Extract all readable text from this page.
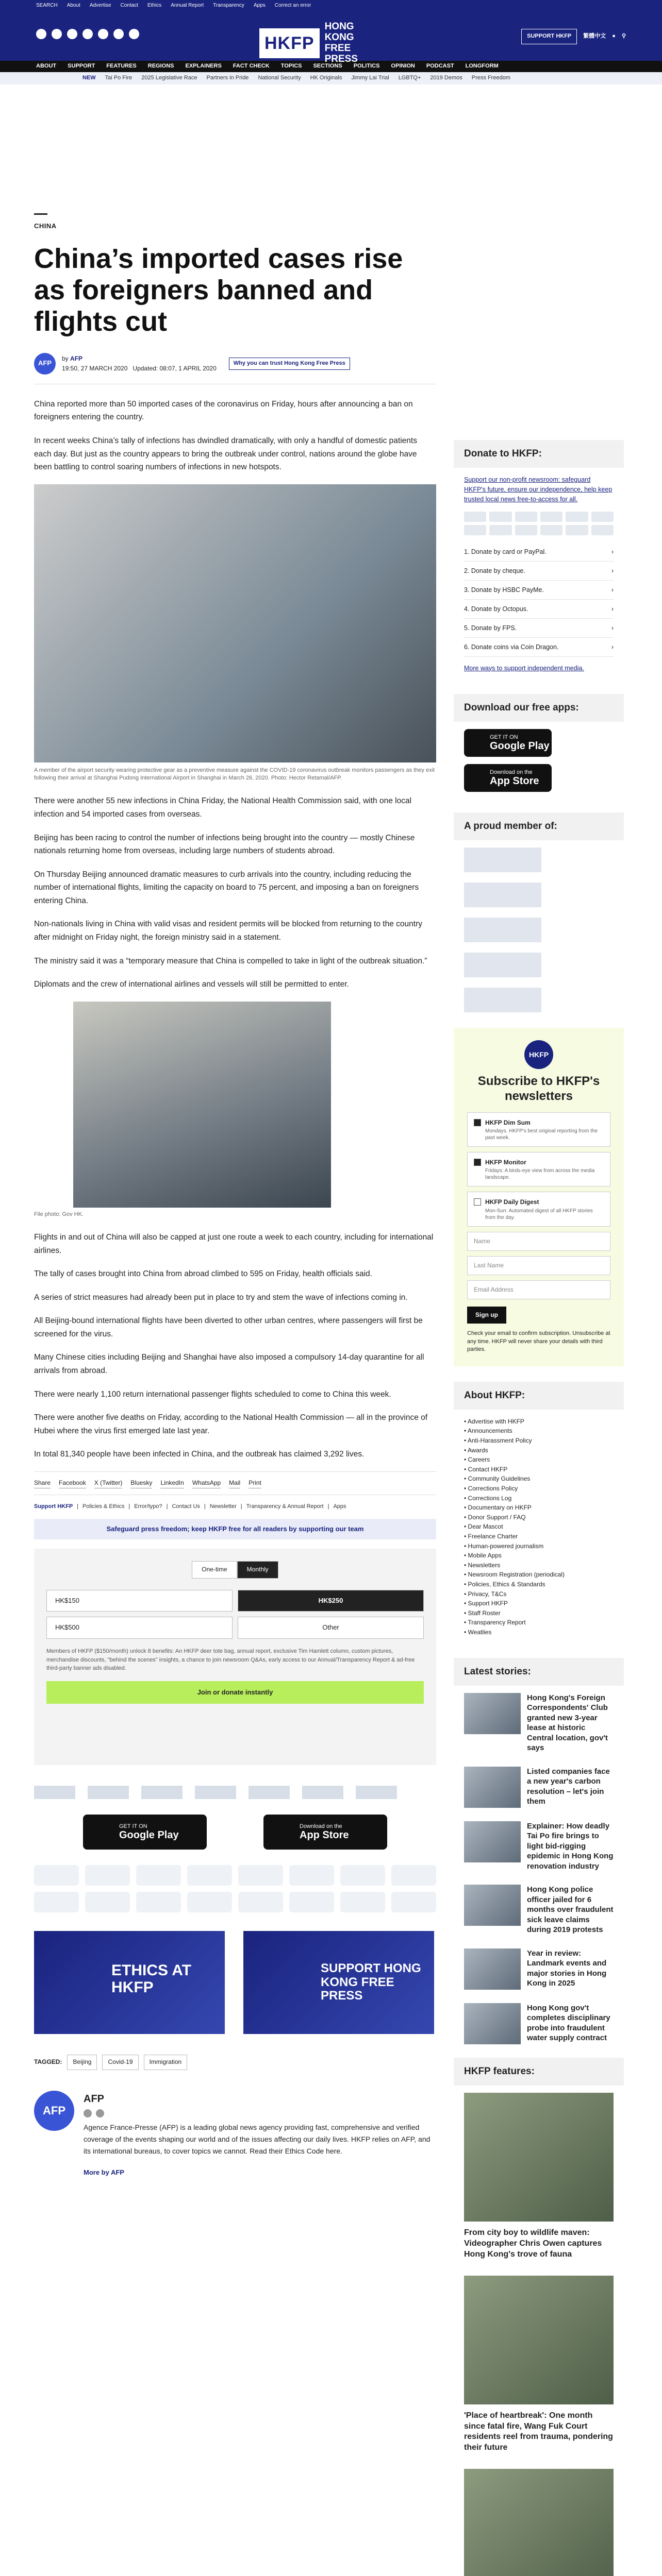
SEARCH About Advertise Contact Ethics Annual Report Transparency Apps Correct an error
HKFP
HONG KONG FREE PRESS
SUPPORT HKFP	繁體中文 ● ⚲
ABOUT SUPPORT FEATURES REGIONS EXPLAINERS FACT CHECK TOPICS SECTIONS POLITICS OPINION PODCAST LONGFORM
NEW Tai Po Fire 2025 Legislative Race Partners in Pride National Security HK Originals Jimmy Lai Trial LGBTQ+ 2019 Demos Press Freedom
CHINA
China’s imported cases rise as foreigners banned and flights cut
AFP
by AFP
19:50, 27 MARCH 2020 Updated: 08:07, 1 APRIL 2020
Why you can trust Hong Kong Free Press

China reported more than 50 imported cases of the coronavirus on Friday, hours after announcing a ban on foreigners entering the country.

In recent weeks China’s tally of infections has dwindled dramatically, with only a handful of domestic patients each day. But just as the country appears to bring the outbreak under control, nations around the globe have been battling to control soaring numbers of infections in new hotspots.

A member of the airport security wearing protective gear as a preventive measure against the COVID-19 coronavirus outbreak monitors passengers as they exit following their arrival at Shanghai Pudong International Airport in Shanghai in March 26, 2020. Photo: Hector Retamal/AFP.

There were another 55 new infections in China Friday, the National Health Commission said, with one local infection and 54 imported cases from overseas.

Beijing has been racing to control the number of infections being brought into the country — mostly Chinese nationals returning home from overseas, including large numbers of students abroad.

On Thursday Beijing announced dramatic measures to curb arrivals into the country, including reducing the number of international flights, limiting the capacity on board to 75 percent, and imposing a ban on foreigners entering China.

Non-nationals living in China with valid visas and resident permits will be blocked from returning to the country after midnight on Friday night, the foreign ministry said in a statement.

The ministry said it was a “temporary measure that China is compelled to take in light of the outbreak situation.”

Diplomats and the crew of international airlines and vessels will still be permitted to enter.

File photo: Gov HK.

Flights in and out of China will also be capped at just one route a week to each country, including for international airlines.

The tally of cases brought into China from abroad climbed to 595 on Friday, health officials said.

A series of strict measures had already been put in place to try and stem the wave of infections coming in.

All Beijing-bound international flights have been diverted to other urban centres, where passengers will first be screened for the virus.

Many Chinese cities including Beijing and Shanghai have also imposed a compulsory 14-day quarantine for all arrivals from abroad.

There were nearly 1,100 return international passenger flights scheduled to come to China this week.

There were another five deaths on Friday, according to the National Health Commission — all in the province of Hubei where the virus first emerged late last year.

In total 81,340 people have been infected in China, and the outbreak has claimed 3,292 lives.

Share Facebook X (Twitter) Bluesky LinkedIn WhatsApp Mail Print
Support HKFP | Policies & Ethics | Error/typo? | Contact Us | Newsletter | Transparency & Annual Report | Apps
Safeguard press freedom; keep HKFP free for all readers by supporting our team
One-time	Monthly
HK$150	HK$250
HK$500	Other
Members of HKFP ($150/month) unlock 8 benefits: An HKFP deer tote bag, annual report, exclusive Tim Hamlett column, custom pictures, merchandise discounts, "behind the scenes" insights, a chance to join newsroom Q&As, early access to our Annual/Transparency Report & ad-free third-party banner ads disabled.
Join or donate instantly
GET IT ON
Google Play
Download on the
App Store
ETHICS AT HKFP
SUPPORT HONG KONG FREE PRESS
TAGGED:	Beijing	Covid-19	Immigration
AFP
AFP

Agence France-Presse (AFP) is a leading global news agency providing fast, comprehensive and verified coverage of the events shaping our world and of the issues affecting our daily lives. HKFP relies on AFP, and its international bureaus, to cover topics we cannot. Read their Ethics Code here.

More by AFP
Donate to HKFP:
Support our non-profit newsroom: safeguard HKFP's future, ensure our independence, help keep trusted local news free-to-access for all.
1. Donate by card or PayPal.	›
2. Donate by cheque.	›
3. Donate by HSBC PayMe.	›
4. Donate by Octopus.	›
5. Donate by FPS.	›
6. Donate coins via Coin Dragon.	›
More ways to support independent media.
Download our free apps:
GET IT ON
Google Play
Download on the
App Store
A proud member of:
HKFP
Subscribe to HKFP's newsletters
HKFP Dim Sum
Mondays. HKFP's best original reporting from the past week.
HKFP Monitor
Fridays: A birds-eye view from across the media landscape.
HKFP Daily Digest
Mon-Sun: Automated digest of all HKFP stories from the day.
Name
Last Name
Email Address
Sign up
Check your email to confirm subscription. Unsubscribe at any time. HKFP will never share your details with third parties.
About HKFP:
• Advertise with HKFP
• Announcements
• Anti-Harassment Policy
• Awards
• Careers
• Contact HKFP
• Community Guidelines
• Corrections Policy
• Corrections Log
• Documentary on HKFP
• Donor Support / FAQ
• Dear Mascot
• Freelance Charter
• Human-powered journalism
• Mobile Apps
• Newsletters
• Newsroom Registration (periodical)
• Policies, Ethics & Standards
• Privacy, T&Cs
• Support HKFP
• Staff Roster
• Transparency Report
• Weatlies
Latest stories:
Hong Kong's Foreign Correspondents' Club granted new 3-year lease at historic Central location, gov't says
Listed companies face a new year's carbon resolution – let's join them
Explainer: How deadly Tai Po fire brings to light bid-rigging epidemic in Hong Kong renovation industry
Hong Kong police officer jailed for 6 months over fraudulent sick leave claims during 2019 protests
Year in review: Landmark events and major stories in Hong Kong in 2025
Hong Kong gov't completes disciplinary probe into fraudulent water supply contract
HKFP features:
From city boy to wildlife maven: Videographer Chris Owen captures Hong Kong's trove of fauna
'Place of heartbreak': One month since fatal fire, Wang Fuk Court residents reel from trauma, pondering their future
